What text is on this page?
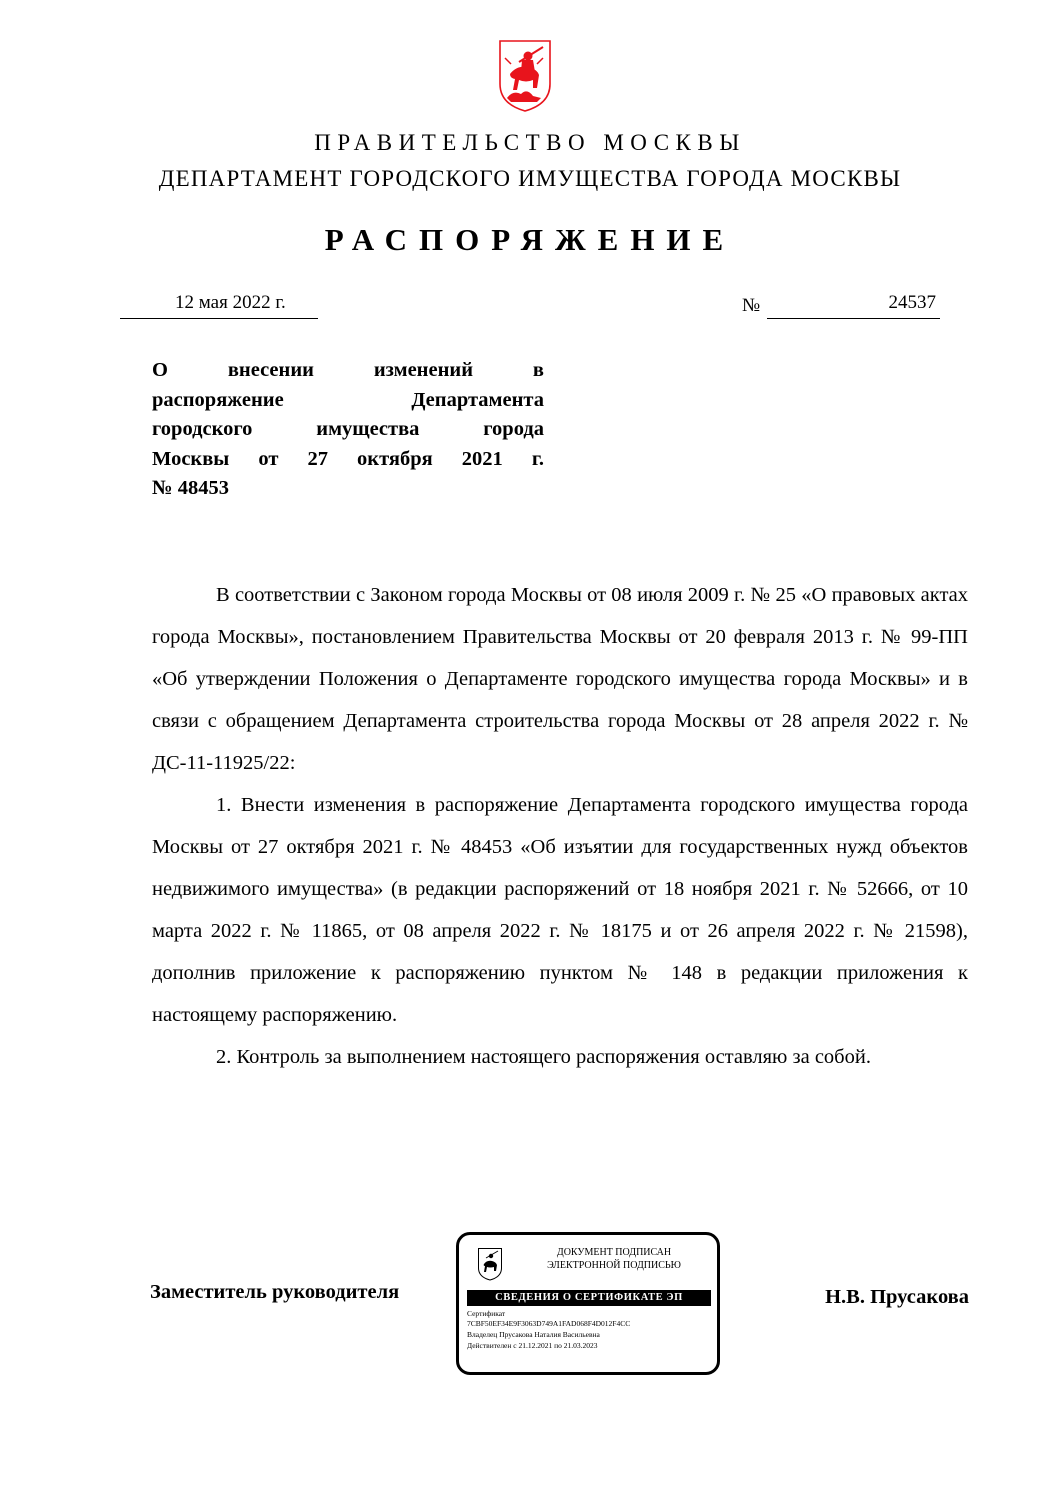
ПРАВИТЕЛЬСТВО МОСКВЫ
ДЕПАРТАМЕНТ ГОРОДСКОГО ИМУЩЕСТВА ГОРОДА МОСКВЫ
РАСПОРЯЖЕНИЕ
12 мая 2022 г.	№	24537
О внесении изменений в
распоряжение Департамента
городского имущества города
Москвы от 27 октября 2021 г.
№ 48453

В соответствии с Законом города Москвы от 08 июля 2009 г. № 25 «О правовых актах города Москвы», постановлением Правительства Москвы от 20 февраля 2013 г. № 99-ПП «Об утверждении Положения о Департаменте городского имущества города Москвы» и в связи с обращением Департамента строительства города Москвы от 28 апреля 2022 г. № ДС-11-11925/22:

1. Внести изменения в распоряжение Департамента городского имущества города Москвы от 27 октября 2021 г. № 48453 «Об изъятии для государственных нужд объектов недвижимого имущества» (в редакции распоряжений от 18 ноября 2021 г. № 52666, от 10 марта 2022 г. № 11865, от 08 апреля 2022 г. № 18175 и от 26 апреля 2022 г. № 21598), дополнив приложение к распоряжению пунктом № 148 в редакции приложения к настоящему распоряжению.

2. Контроль за выполнением настоящего распоряжения оставляю за собой.

Заместитель руководителя	Н.В. Прусакова
ДОКУМЕНТ ПОДПИСАН
ЭЛЕКТРОННОЙ ПОДПИСЬЮ
СВЕДЕНИЯ О СЕРТИФИКАТЕ ЭП
Сертификат
7CBF50EF34E9F3063D749A1FAD068F4D012F4CC
Владелец Прусакова Наталия Васильевна
Действителен с 21.12.2021 по 21.03.2023
